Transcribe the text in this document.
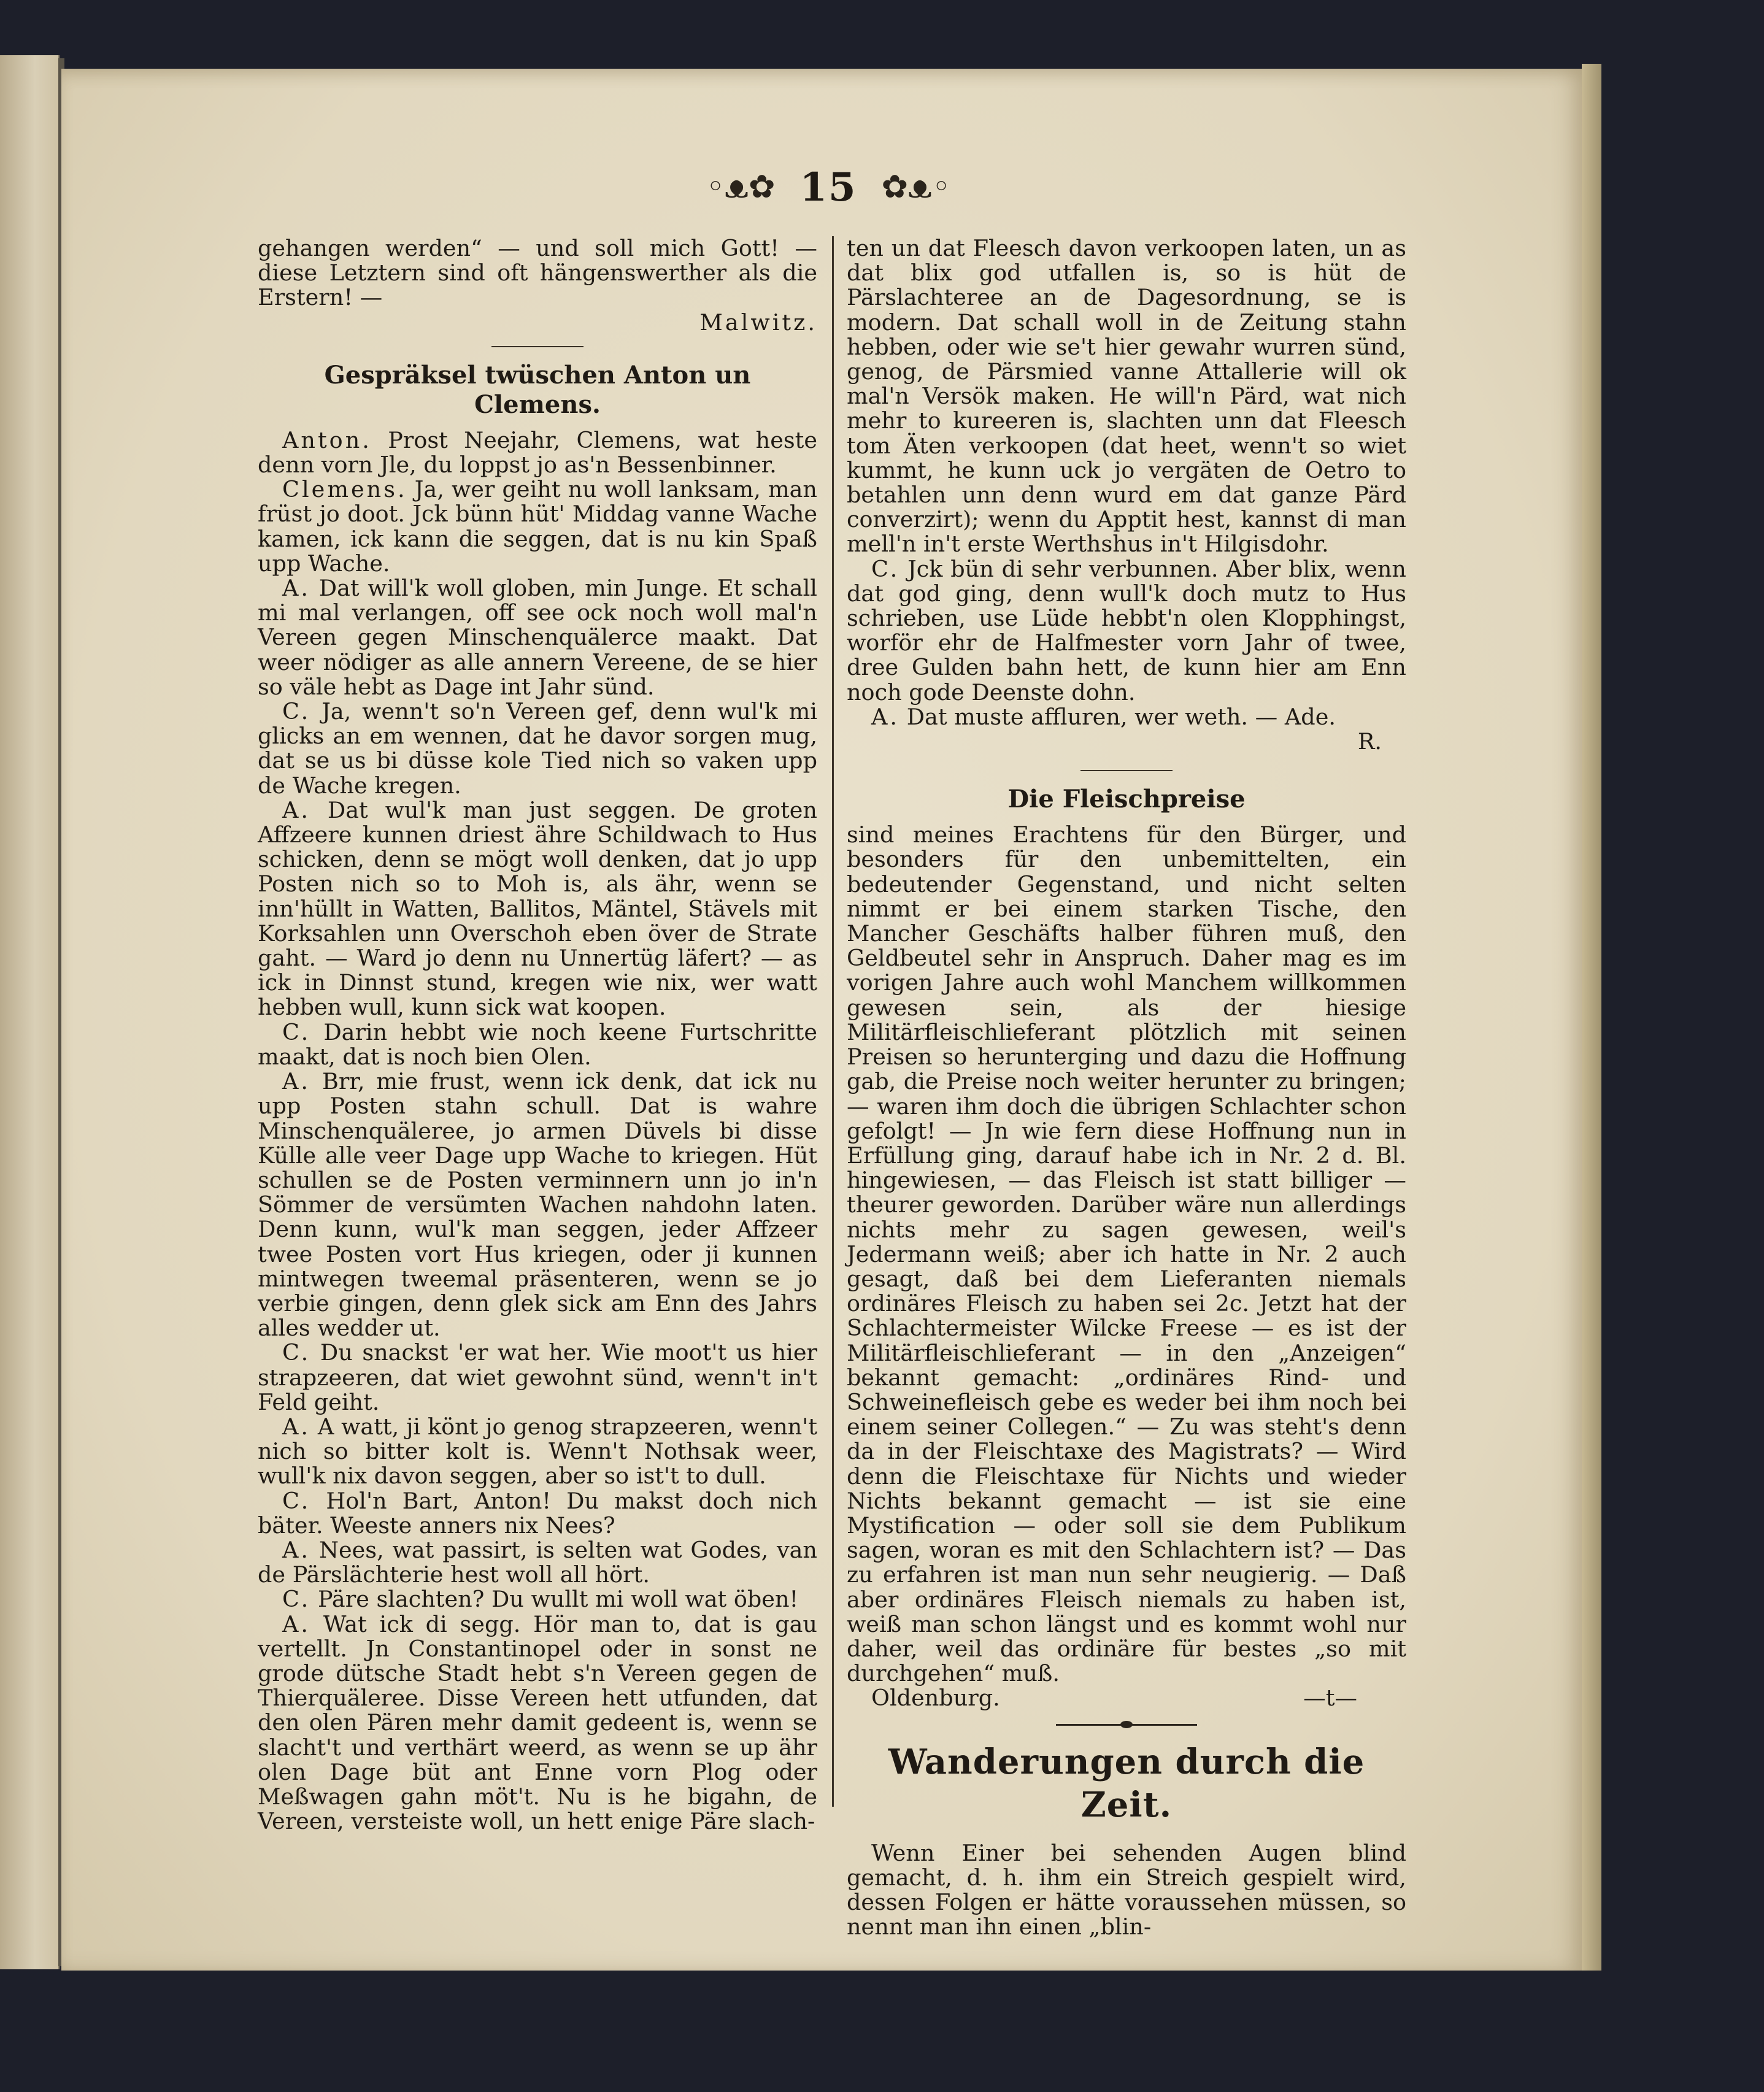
◦ᴥ✿ 15 ✿ᴥ◦

gehangen werden“ — und soll mich Gott! — diese Letztern sind oft hängenswerther als die Erstern! —

Malwitz.

Gespräksel twüschen Anton un Clemens.

Anton. Prost Neejahr, Clemens, wat heste denn vorn Jle, du loppst jo as'n Bessenbinner.

Clemens. Ja, wer geiht nu woll lanksam, man früst jo doot. Jck bünn hüt' Middag vanne Wache kamen, ick kann die seggen, dat is nu kin Spaß upp Wache.

A. Dat will'k woll globen, min Junge. Et schall mi mal verlangen, off see ock noch woll mal'n Vereen gegen Minschenquälerce maakt. Dat weer nödiger as alle annern Vereene, de se hier so väle hebt as Dage int Jahr sünd.

C. Ja, wenn't so'n Vereen gef, denn wul'k mi glicks an em wennen, dat he davor sorgen mug, dat se us bi düsse kole Tied nich so vaken upp de Wache kregen.

A. Dat wul'k man just seggen. De groten Affzeere kunnen driest ähre Schildwach to Hus schicken, denn se mögt woll denken, dat jo upp Posten nich so to Moh is, als ähr, wenn se inn'hüllt in Watten, Ballitos, Mäntel, Stävels mit Korksahlen unn Overschoh eben över de Strate gaht. — Ward jo denn nu Unnertüg läfert? — as ick in Dinnst stund, kregen wie nix, wer watt hebben wull, kunn sick wat koopen.

C. Darin hebbt wie noch keene Furtschritte maakt, dat is noch bien Olen.

A. Brr, mie frust, wenn ick denk, dat ick nu upp Posten stahn schull. Dat is wahre Minschenquäleree, jo armen Düvels bi disse Külle alle veer Dage upp Wache to kriegen. Hüt schullen se de Posten verminnern unn jo in'n Sömmer de versümten Wachen nahdohn laten. Denn kunn, wul'k man seggen, jeder Affzeer twee Posten vort Hus kriegen, oder ji kunnen mintwegen tweemal präsenteren, wenn se jo verbie gingen, denn glek sick am Enn des Jahrs alles wedder ut.

C. Du snackst 'er wat her. Wie moot't us hier strapzeeren, dat wiet gewohnt sünd, wenn't in't Feld geiht.

A. A watt, ji könt jo genog strapzeeren, wenn't nich so bitter kolt is. Wenn't Nothsak weer, wull'k nix davon seggen, aber so ist't to dull.

C. Hol'n Bart, Anton! Du makst doch nich bäter. Weeste anners nix Nees?

A. Nees, wat passirt, is selten wat Godes, van de Pärslächterie hest woll all hört.

C. Päre slachten? Du wullt mi woll wat öben!

A. Wat ick di segg. Hör man to, dat is gau vertellt. Jn Constantinopel oder in sonst ne grode dütsche Stadt hebt s'n Vereen gegen de Thierquäleree. Disse Vereen hett utfunden, dat den olen Pären mehr damit gedeent is, wenn se slacht't und verthärt weerd, as wenn se up ähr olen Dage büt ant Enne vorn Plog oder Meßwagen gahn möt't. Nu is he bigahn, de Vereen, versteiste woll, un hett enige Päre slach-

ten un dat Fleesch davon verkoopen laten, un as dat blix god utfallen is, so is hüt de Pärslachteree an de Dagesordnung, se is modern. Dat schall woll in de Zeitung stahn hebben, oder wie se't hier gewahr wurren sünd, genog, de Pärsmied vanne Attallerie will ok mal'n Versök maken. He will'n Pärd, wat nich mehr to kureeren is, slachten unn dat Fleesch tom Äten verkoopen (dat heet, wenn't so wiet kummt, he kunn uck jo vergäten de Oetro to betahlen unn denn wurd em dat ganze Pärd converzirt); wenn du Apptit hest, kannst di man mell'n in't erste Werthshus in't Hilgisdohr.

C. Jck bün di sehr verbunnen. Aber blix, wenn dat god ging, denn wull'k doch mutz to Hus schrieben, use Lüde hebbt'n olen Klopphingst, worför ehr de Halfmester vorn Jahr of twee, dree Gulden bahn hett, de kunn hier am Enn noch gode Deenste dohn.

A. Dat muste affluren, wer weth. — Ade.

R.

Die Fleischpreise

sind meines Erachtens für den Bürger, und besonders für den unbemittelten, ein bedeutender Gegenstand, und nicht selten nimmt er bei einem starken Tische, den Mancher Geschäfts halber führen muß, den Geldbeutel sehr in Anspruch. Daher mag es im vorigen Jahre auch wohl Manchem willkommen gewesen sein, als der hiesige Militärfleischlieferant plötzlich mit seinen Preisen so herunterging und dazu die Hoffnung gab, die Preise noch weiter herunter zu bringen; — waren ihm doch die übrigen Schlachter schon gefolgt! — Jn wie fern diese Hoffnung nun in Erfüllung ging, darauf habe ich in Nr. 2 d. Bl. hingewiesen, — das Fleisch ist statt billiger — theurer geworden. Darüber wäre nun allerdings nichts mehr zu sagen gewesen, weil's Jedermann weiß; aber ich hatte in Nr. 2 auch gesagt, daß bei dem Lieferanten niemals ordinäres Fleisch zu haben sei 2c. Jetzt hat der Schlachtermeister Wilcke Freese — es ist der Militärfleischlieferant — in den „Anzeigen“ bekannt gemacht: „ordinäres Rind- und Schweinefleisch gebe es weder bei ihm noch bei einem seiner Collegen.“ — Zu was steht's denn da in der Fleischtaxe des Magistrats? — Wird denn die Fleischtaxe für Nichts und wieder Nichts bekannt gemacht — ist sie eine Mystification — oder soll sie dem Publikum sagen, woran es mit den Schlachtern ist? — Das zu erfahren ist man nun sehr neugierig. — Daß aber ordinäres Fleisch niemals zu haben ist, weiß man schon längst und es kommt wohl nur daher, weil das ordinäre für bestes „so mit durchgehen“ muß.

Oldenburg.	—t—
Wanderungen durch die Zeit.

Wenn Einer bei sehenden Augen blind gemacht, d. h. ihm ein Streich gespielt wird, dessen Folgen er hätte voraussehen müssen, so nennt man ihn einen „blin-
